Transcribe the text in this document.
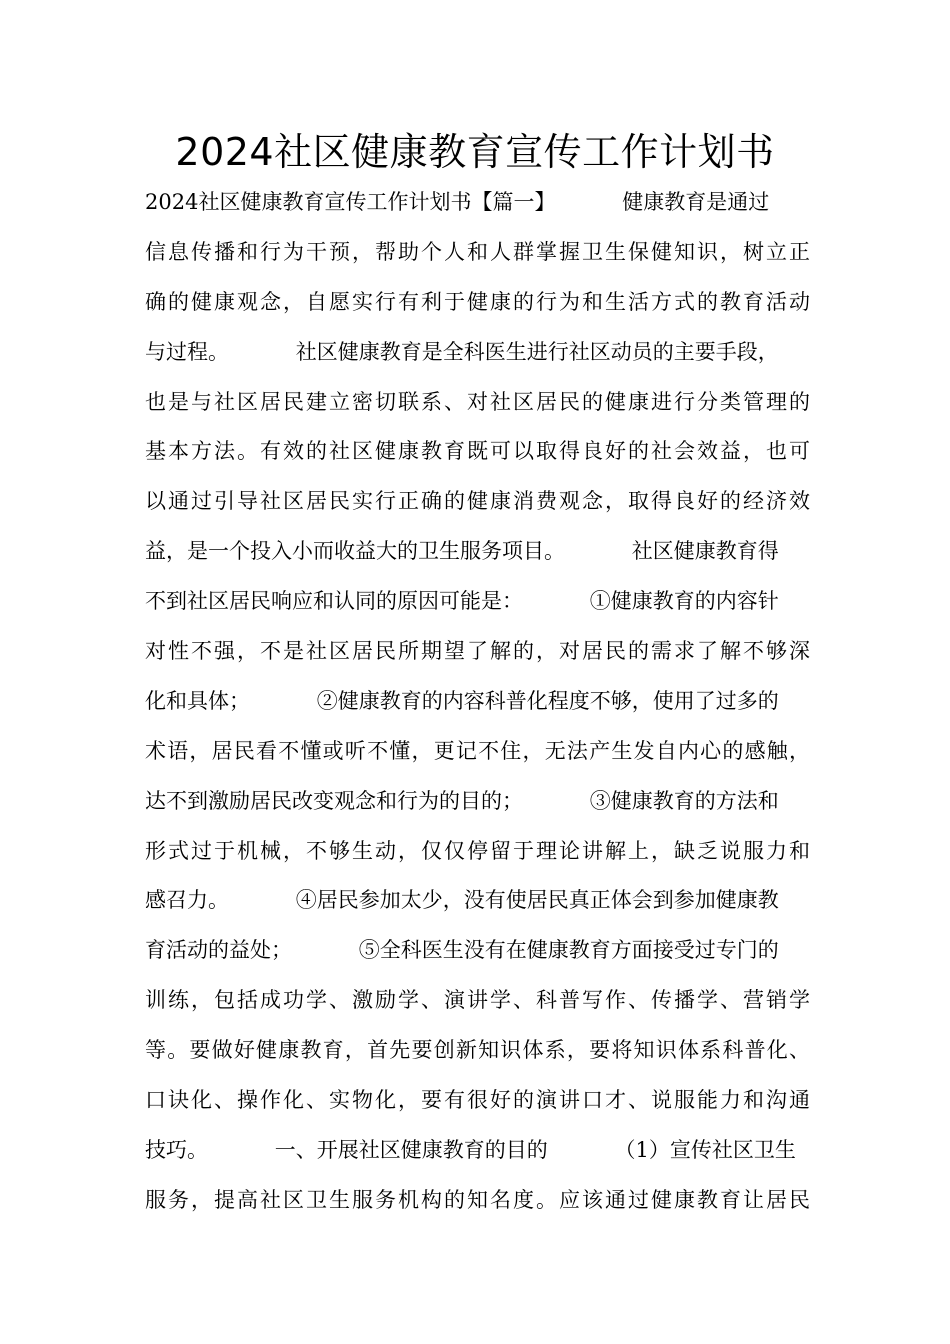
2024社区健康教育宣传工作计划书
2024社区健康教育宣传工作计划书【篇一】          健康教育是通过
信息传播和行为干预，帮助个人和人群掌握卫生保健知识，树立正
确的健康观念，自愿实行有利于健康的行为和生活方式的教育活动
与过程。          社区健康教育是全科医生进行社区动员的主要手段，
也是与社区居民建立密切联系、对社区居民的健康进行分类管理的
基本方法。有效的社区健康教育既可以取得良好的社会效益，也可
以通过引导社区居民实行正确的健康消费观念，取得良好的经济效
益，是一个投入小而收益大的卫生服务项目。          社区健康教育得
不到社区居民响应和认同的原因可能是：          ①健康教育的内容针
对性不强，不是社区居民所期望了解的，对居民的需求了解不够深
化和具体；          ②健康教育的内容科普化程度不够，使用了过多的
术语，居民看不懂或听不懂，更记不住，无法产生发自内心的感触，
达不到激励居民改变观念和行为的目的；          ③健康教育的方法和
形式过于机械，不够生动，仅仅停留于理论讲解上，缺乏说服力和
感召力。          ④居民参加太少，没有使居民真正体会到参加健康教
育活动的益处；          ⑤全科医生没有在健康教育方面接受过专门的
训练，包括成功学、激励学、演讲学、科普写作、传播学、营销学
等。要做好健康教育，首先要创新知识体系，要将知识体系科普化、
口诀化、操作化、实物化，要有很好的演讲口才、说服能力和沟通
技巧。          一、开展社区健康教育的目的          （1）宣传社区卫生
服务，提高社区卫生服务机构的知名度。应该通过健康教育让居民
